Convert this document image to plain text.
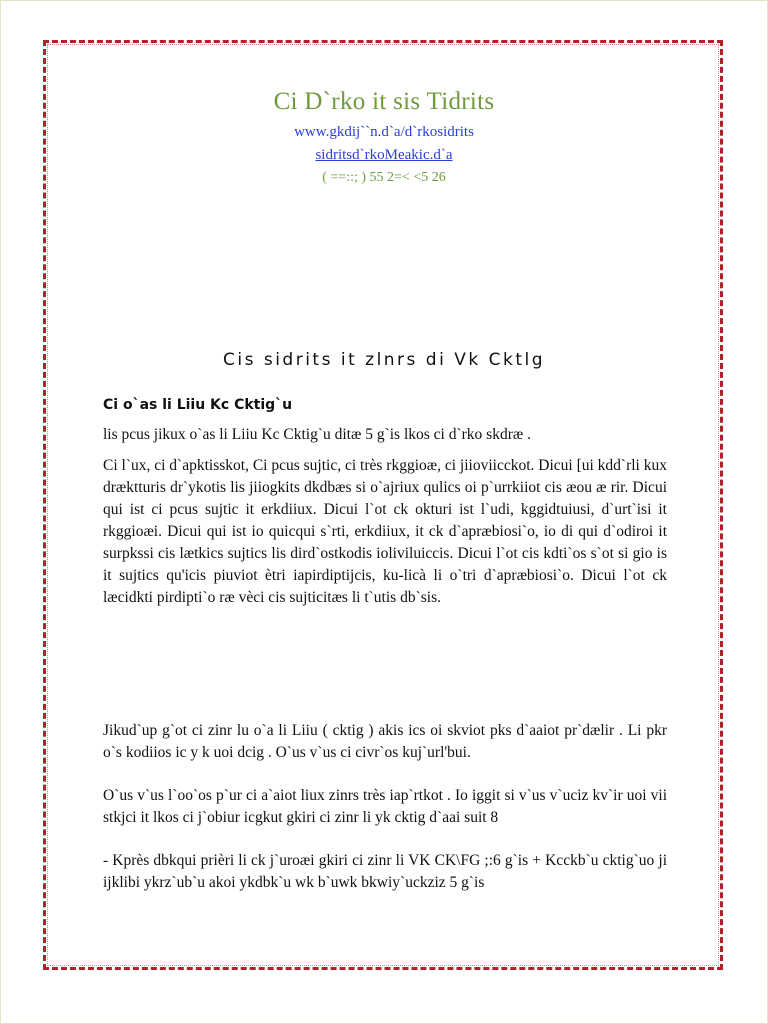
Ci D`rko it sis Tidrits
www.gkdij``n.d`a/d`rkosidrits
sidritsd`rkoMeakic.d`a
( ==::; ) 55 2=< <5 26
Cis sidrits it zlnrs di Vk Cktlg

Ci o`as li Liiu Kc Cktig`u

lis pcus jikux o`as li Liiu Kc Cktig`u ditæ 5 g`is lkos ci d`rko skdræ .

Ci l`ux, ci d`apktisskot, Ci pcus sujtic, ci très rkggioæ, ci jiioviicckot. Dicui [ui kdd`rli kux dræktturis dr`ykotis lis jiiogkits dkdbæs si o`ajriux qulics oi p`urrkiiot cis æou æ rir. Dicui qui ist ci pcus sujtic it erkdiiux. Dicui l`ot ck okturi ist l`udi, kggidtuiusi, d`urt`isi it rkggioæi. Dicui qui ist io quicqui s`rti, erkdiiux, it ck d`apræbiosi`o, io di qui d`odiroi it surpkssi cis lætkics sujtics lis dird`ostkodis ioliviluiccis. Dicui l`ot cis kdti`os s`ot si gio is it sujtics qu'icis piuviot ètri iapirdiptijcis, ku-licà li o`tri d`apræbiosi`o. Dicui l`ot ck læcidkti pirdipti`o ræ vèci cis sujticitæs li t`utis db`sis.

Jikud`up g`ot ci zinr lu o`a li Liiu ( cktig ) akis ics oi skviot pks d`aaiot pr`dælir . Li pkr o`s kodiios ic y k uoi dcig . O`us v`us ci civr`os kuj`url'bui.

O`us v`us l`oo`os p`ur ci a`aiot liux zinrs très iap`rtkot . Io iggit si v`us v`uciz kv`ir uoi vii stkjci it lkos ci j`obiur icgkut gkiri ci zinr li yk cktig d`aai suit 8

- Kprès dbkqui prièri li ck j`uroæi gkiri ci zinr li VK CK\FG ;:6 g`is + Kcckb`u cktig`uo ji ijklibi ykrz`ub`u akoi ykdbk`u wk b`uwk bkwiy`uckziz 5 g`is
